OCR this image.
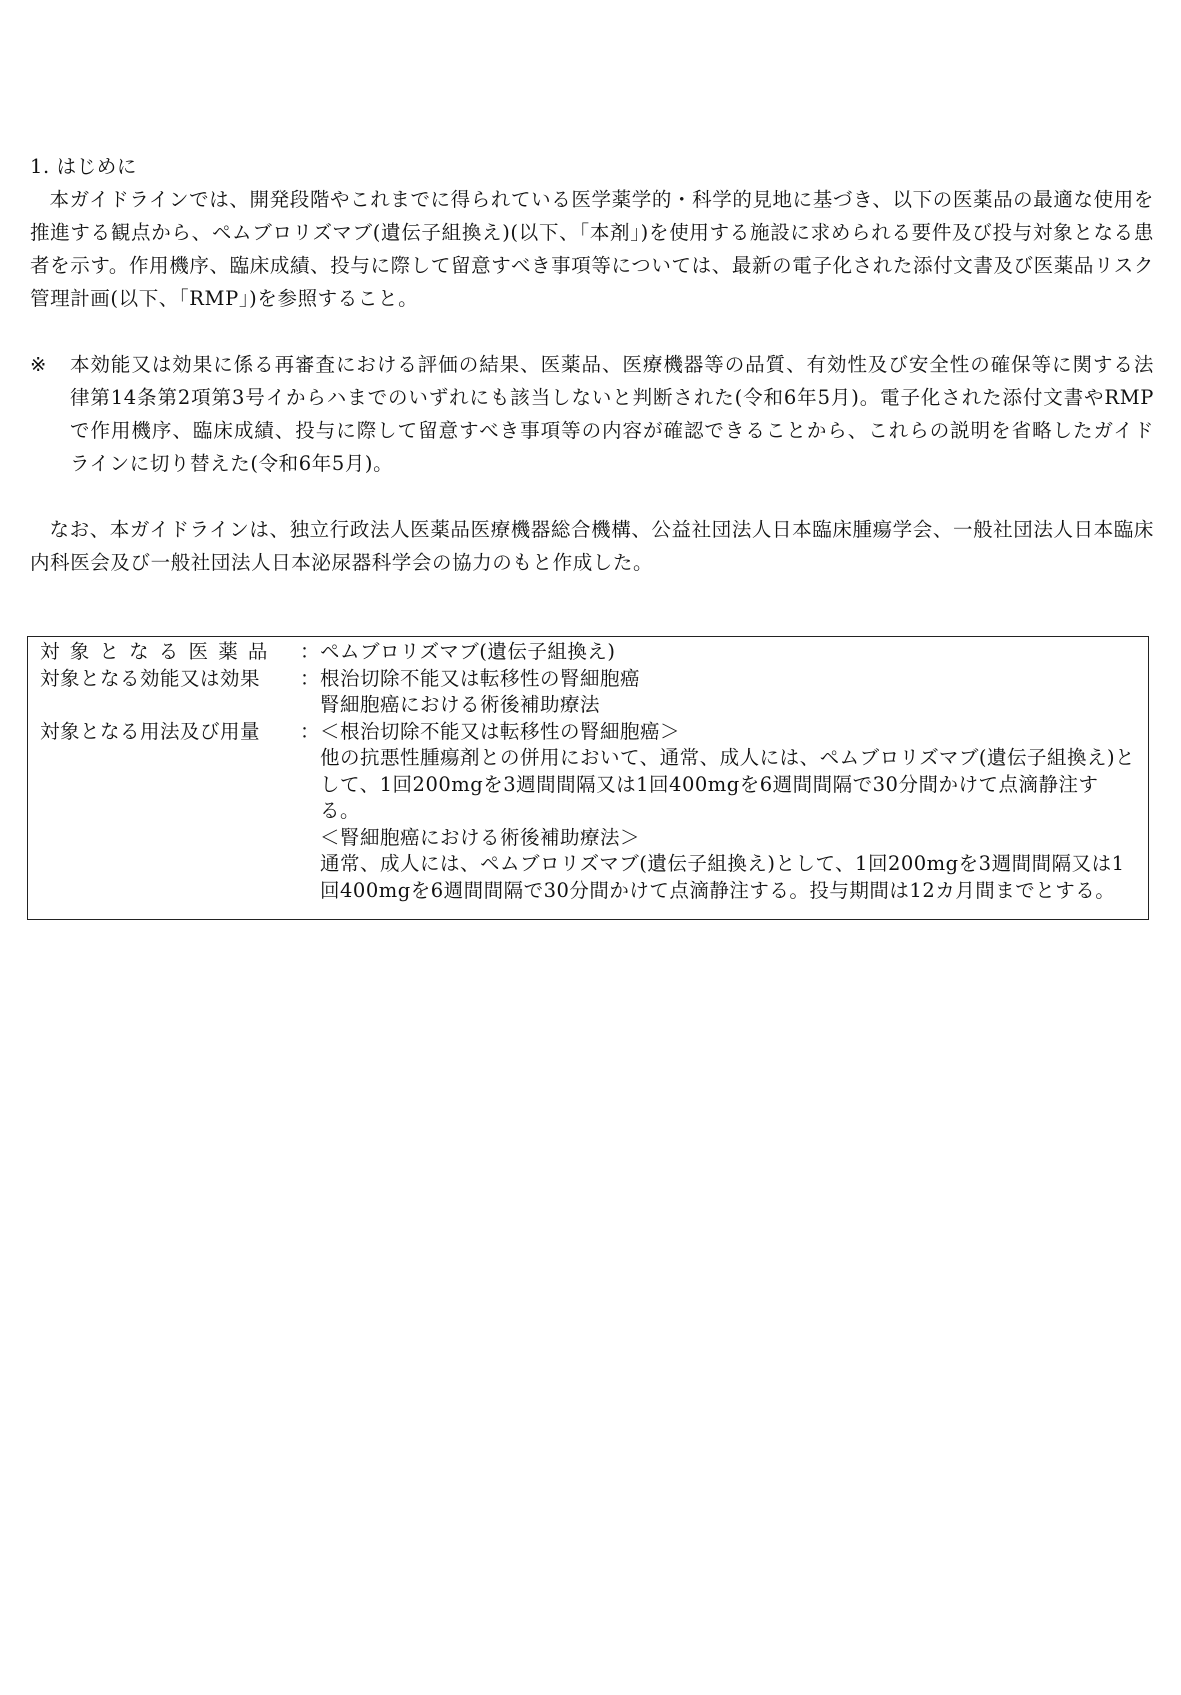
1. はじめに

本ガイドラインでは、開発段階やこれまでに得られている医学薬学的・科学的見地に基づき、以下の医薬品の最適な使用を推進する観点から、ペムブロリズマブ(遺伝子組換え)(以下、「本剤」)を使用する施設に求められる要件及び投与対象となる患者を示す。作用機序、臨床成績、投与に際して留意すべき事項等については、最新の電子化された添付文書及び医薬品リスク管理計画(以下、「RMP」)を参照すること。

※	本効能又は効果に係る再審査における評価の結果、医薬品、医療機器等の品質、有効性及び安全性の確保等に関する法律第14条第2項第3号イからハまでのいずれにも該当しないと判断された(令和6年5月)。電子化された添付文書やRMPで作用機序、臨床成績、投与に際して留意すべき事項等の内容が確認できることから、これらの説明を省略したガイドラインに切り替えた(令和6年5月)。

なお、本ガイドラインは、独立行政法人医薬品医療機器総合機構、公益社団法人日本臨床腫瘍学会、一般社団法人日本臨床内科医会及び一般社団法人日本泌尿器科学会の協力のもと作成した。

対象となる医薬品	： ペムブロリズマブ(遺伝子組換え)
対象となる効能又は効果	： 根治切除不能又は転移性の腎細胞癌
腎細胞癌における術後補助療法
対象となる用法及び用量	： ＜根治切除不能又は転移性の腎細胞癌＞
他の抗悪性腫瘍剤との併用において、通常、成人には、ペムブロリズマブ(遺伝子組換え)として、1回200mgを3週間間隔又は1回400mgを6週間間隔で30分間かけて点滴静注する。
＜腎細胞癌における術後補助療法＞
通常、成人には、ペムブロリズマブ(遺伝子組換え)として、1回200mgを3週間間隔又は1回400mgを6週間間隔で30分間かけて点滴静注する。投与期間は12カ月間までとする。
